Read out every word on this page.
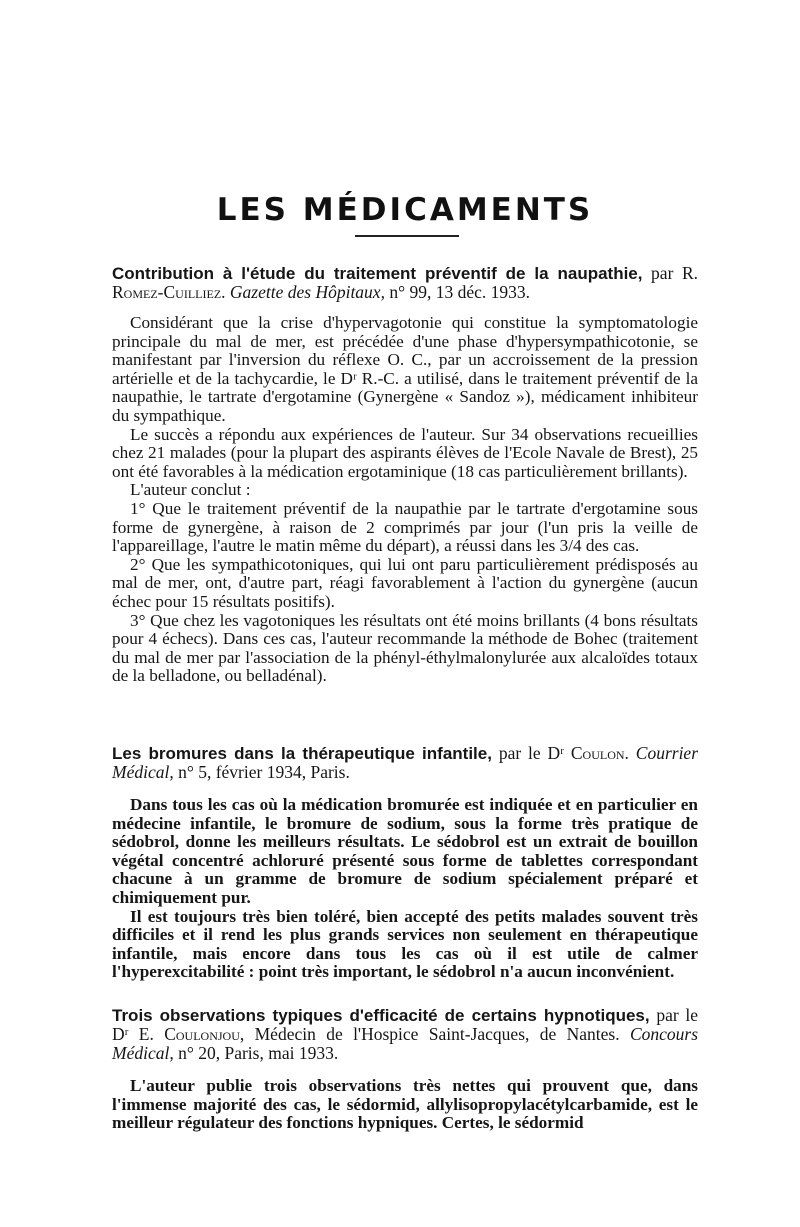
LES MÉDICAMENTS

Contribution à l'étude du traitement préventif de la naupathie, par R. Romez-Cuilliez. Gazette des Hôpitaux, n° 99, 13 déc. 1933.

Considérant que la crise d'hypervagotonie qui constitue la symptomatologie principale du mal de mer, est précédée d'une phase d'hypersympathicotonie, se manifestant par l'inversion du réflexe O. C., par un accroissement de la pression artérielle et de la tachycardie, le Dʳ R.-C. a utilisé, dans le traitement préventif de la naupathie, le tartrate d'ergotamine (Gynergène « Sandoz »), médicament inhibiteur du sympathique.

Le succès a répondu aux expériences de l'auteur. Sur 34 observations recueillies chez 21 malades (pour la plupart des aspirants élèves de l'Ecole Navale de Brest), 25 ont été favorables à la médication ergotaminique (18 cas particulièrement brillants).

L'auteur conclut :

1° Que le traitement préventif de la naupathie par le tartrate d'ergotamine sous forme de gynergène, à raison de 2 comprimés par jour (l'un pris la veille de l'appareillage, l'autre le matin même du départ), a réussi dans les 3/4 des cas.

2° Que les sympathicotoniques, qui lui ont paru particulièrement prédisposés au mal de mer, ont, d'autre part, réagi favorablement à l'action du gynergène (aucun échec pour 15 résultats positifs).

3° Que chez les vagotoniques les résultats ont été moins brillants (4 bons résultats pour 4 échecs). Dans ces cas, l'auteur recommande la méthode de Bohec (traitement du mal de mer par l'association de la phényl-éthylmalonylurée aux alcaloïdes totaux de la belladone, ou belladénal).

Les bromures dans la thérapeutique infantile, par le Dʳ Coulon. Courrier Médical, n° 5, février 1934, Paris.

Dans tous les cas où la médication bromurée est indiquée et en particulier en médecine infantile, le bromure de sodium, sous la forme très pratique de sédobrol, donne les meilleurs résultats. Le sédobrol est un extrait de bouillon végétal concentré achloruré présenté sous forme de tablettes correspondant chacune à un gramme de bromure de sodium spécialement préparé et chimiquement pur.

Il est toujours très bien toléré, bien accepté des petits malades souvent très difficiles et il rend les plus grands services non seulement en thérapeutique infantile, mais encore dans tous les cas où il est utile de calmer l'hyperexcitabilité : point très important, le sédobrol n'a aucun inconvénient.

Trois observations typiques d'efficacité de certains hypnotiques, par le Dʳ E. Coulonjou, Médecin de l'Hospice Saint-Jacques, de Nantes. Concours Médical, n° 20, Paris, mai 1933.

L'auteur publie trois observations très nettes qui prouvent que, dans l'immense majorité des cas, le sédormid, allylisopropylacétylcarbamide, est le meilleur régulateur des fonctions hypniques. Certes, le sédormid
